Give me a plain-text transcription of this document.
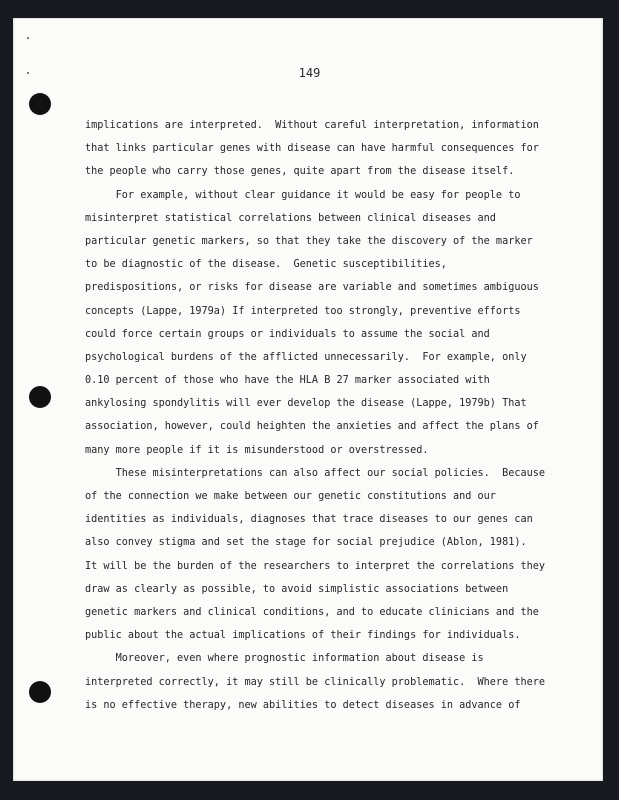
149
implications are interpreted.  Without careful interpretation, information
that links particular genes with disease can have harmful consequences for
the people who carry those genes, quite apart from the disease itself.
For example, without clear guidance it would be easy for people to
misinterpret statistical correlations between clinical diseases and
particular genetic markers, so that they take the discovery of the marker
to be diagnostic of the disease.  Genetic susceptibilities,
predispositions, or risks for disease are variable and sometimes ambiguous
concepts (Lappe, 1979a) If interpreted too strongly, preventive efforts
could force certain groups or individuals to assume the social and
psychological burdens of the afflicted unnecessarily.  For example, only
0.10 percent of those who have the HLA B 27 marker associated with
ankylosing spondylitis will ever develop the disease (Lappe, 1979b) That
association, however, could heighten the anxieties and affect the plans of
many more people if it is misunderstood or overstressed.
These misinterpretations can also affect our social policies.  Because
of the connection we make between our genetic constitutions and our
identities as individuals, diagnoses that trace diseases to our genes can
also convey stigma and set the stage for social prejudice (Ablon, 1981).
It will be the burden of the researchers to interpret the correlations they
draw as clearly as possible, to avoid simplistic associations between
genetic markers and clinical conditions, and to educate clinicians and the
public about the actual implications of their findings for individuals.
Moreover, even where prognostic information about disease is
interpreted correctly, it may still be clinically problematic.  Where there
is no effective therapy, new abilities to detect diseases in advance of
